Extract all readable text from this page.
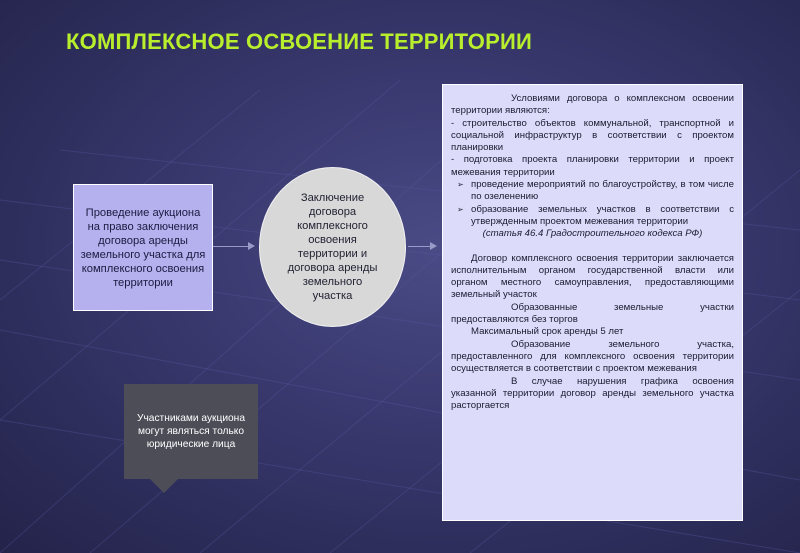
КОМПЛЕКСНОЕ ОСВОЕНИЕ ТЕРРИТОРИИ
Проведение аукциона на право заключения договора аренды земельного участка для комплексного освоения территории
Заключение договора комплексного освоения территории и договора аренды земельного участка

Условиями договора о комплексном освоении территории являются:

- строительство объектов коммунальной, транспортной и социальной инфраструктур в соответствии с проектом планировки

- подготовка проекта планировки территории и проект межевания территории

➢ проведение мероприятий по благоустройству, в том числе по озеленению
➢ образование земельных участков в соответствии с утвержденным проектом межевания территории

(статья 46.4 Градостроительного кодекса РФ)

Договор комплексного освоения территории заключается исполнительным органом государственной власти или органом местного самоуправления, предоставляющими земельный участок

Образованные земельные участки предоставляются без торгов

Максимальный срок аренды 5 лет

Образование земельного участка, предоставленного для комплексного освоения территории осуществляется в соответствии с проектом межевания

В случае нарушения графика освоения указанной территории договор аренды земельного участка расторгается

Участниками аукциона могут являться только юридические лица
